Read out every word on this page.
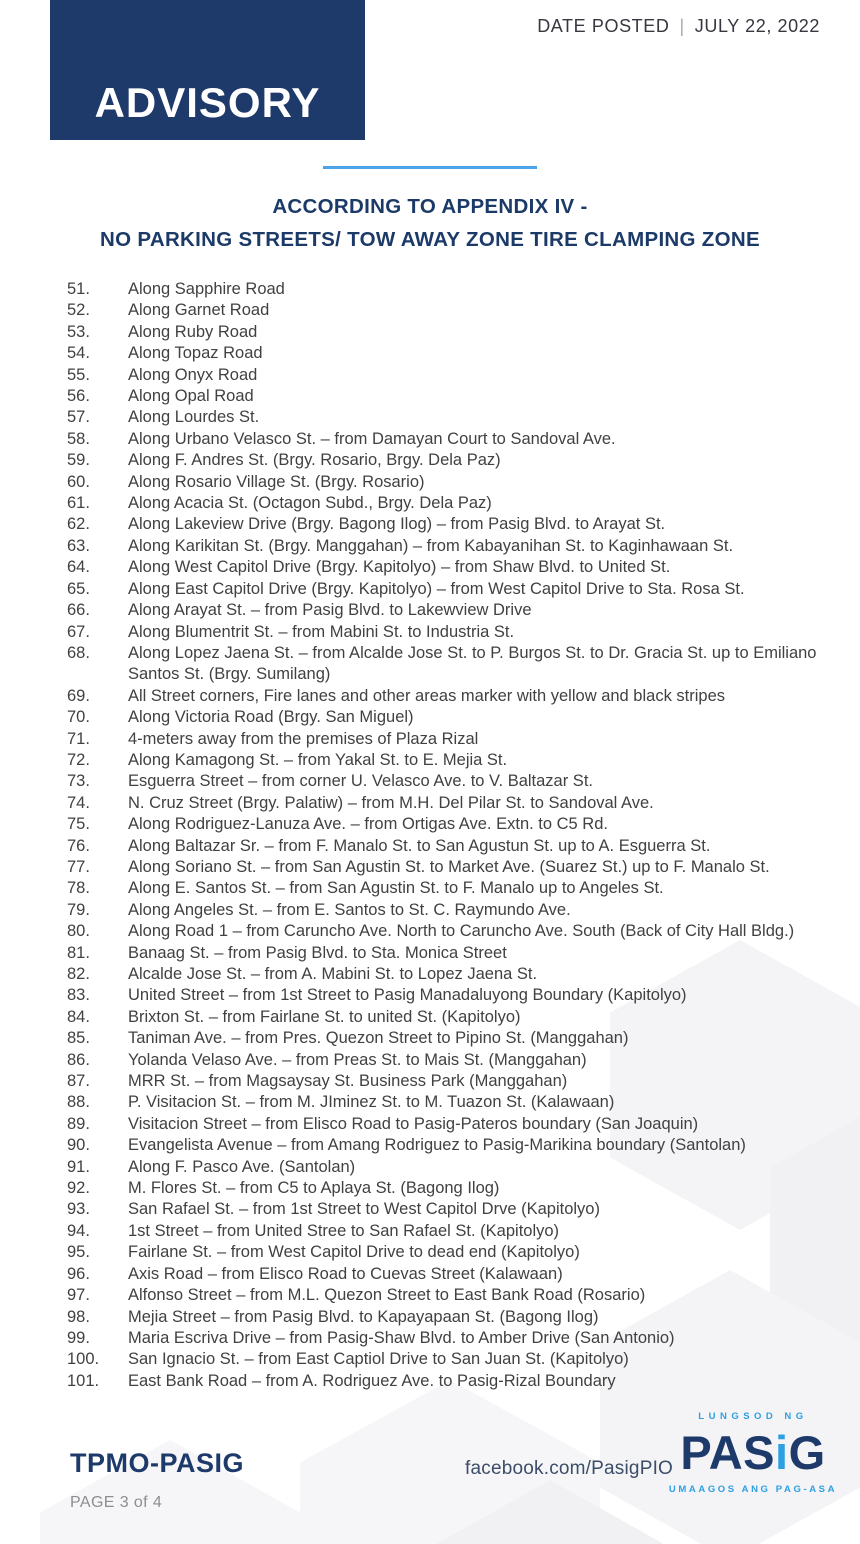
ADVISORY
DATE POSTED | JULY 22, 2022
ACCORDING TO APPENDIX IV -
NO PARKING STREETS/ TOW AWAY ZONE TIRE CLAMPING ZONE
51.	Along Sapphire Road
52.	Along Garnet Road
53.	Along Ruby Road
54.	Along Topaz Road
55.	Along Onyx Road
56.	Along Opal Road
57.	Along Lourdes St.
58.	Along Urbano Velasco St. – from Damayan Court to Sandoval Ave.
59.	Along F. Andres St. (Brgy. Rosario, Brgy. Dela Paz)
60.	Along Rosario Village St. (Brgy. Rosario)
61.	Along Acacia St. (Octagon Subd., Brgy. Dela Paz)
62.	Along Lakeview Drive (Brgy. Bagong Ilog) – from Pasig Blvd. to Arayat St.
63.	Along Karikitan St. (Brgy. Manggahan) – from Kabayanihan St. to Kaginhawaan St.
64.	Along West Capitol Drive (Brgy. Kapitolyo) – from Shaw Blvd. to United St.
65.	Along East Capitol Drive (Brgy. Kapitolyo) – from West Capitol Drive to Sta. Rosa St.
66.	Along Arayat St. – from Pasig Blvd. to Lakewview Drive
67.	Along Blumentrit St. – from Mabini St. to Industria St.
68.	Along Lopez Jaena St. – from Alcalde Jose St. to P. Burgos St. to Dr. Gracia St. up to Emiliano Santos St. (Brgy. Sumilang)
69.	All Street corners, Fire lanes and other areas marker with yellow and black stripes
70.	Along Victoria Road (Brgy. San Miguel)
71.	4-meters away from the premises of Plaza Rizal
72.	Along Kamagong St. – from Yakal St. to E. Mejia St.
73.	Esguerra Street – from corner U. Velasco Ave. to V. Baltazar St.
74.	N. Cruz Street (Brgy. Palatiw) – from M.H. Del Pilar St. to Sandoval Ave.
75.	Along Rodriguez-Lanuza Ave. – from Ortigas Ave. Extn. to C5 Rd.
76.	Along Baltazar Sr. – from F. Manalo St. to San Agustun St. up to A. Esguerra St.
77.	Along Soriano St. – from San Agustin St. to Market Ave. (Suarez St.) up to F. Manalo St.
78.	Along E. Santos St. – from San Agustin St. to F. Manalo up to Angeles St.
79.	Along Angeles St. – from E. Santos to St. C. Raymundo Ave.
80.	Along Road 1 – from Caruncho Ave. North to Caruncho Ave. South (Back of City Hall Bldg.)
81.	Banaag St. – from Pasig Blvd. to Sta. Monica Street
82.	Alcalde Jose St. – from A. Mabini St. to Lopez Jaena St.
83.	United Street – from 1st Street to Pasig Manadaluyong Boundary (Kapitolyo)
84.	Brixton St. – from Fairlane St. to united St. (Kapitolyo)
85.	Taniman Ave. – from Pres. Quezon Street to Pipino St. (Manggahan)
86.	Yolanda Velaso Ave. – from Preas St. to Mais St. (Manggahan)
87.	MRR St. – from Magsaysay St. Business Park (Manggahan)
88.	P. Visitacion St. – from M. JIminez St. to M. Tuazon St. (Kalawaan)
89.	Visitacion Street – from Elisco Road to Pasig-Pateros boundary (San Joaquin)
90.	Evangelista Avenue – from Amang Rodriguez to Pasig-Marikina boundary (Santolan)
91.	Along F. Pasco Ave. (Santolan)
92.	M. Flores St. – from C5 to Aplaya St. (Bagong Ilog)
93.	San Rafael St. – from 1st Street to West Capitol Drve (Kapitolyo)
94.	1st Street – from United Stree to San Rafael St. (Kapitolyo)
95.	Fairlane St. – from West Capitol Drive to dead end (Kapitolyo)
96.	Axis Road – from Elisco Road to Cuevas Street (Kalawaan)
97.	Alfonso Street – from M.L. Quezon Street to East Bank Road (Rosario)
98.	Mejia Street – from Pasig Blvd. to Kapayapaan St. (Bagong Ilog)
99.	Maria Escriva Drive – from Pasig-Shaw Blvd. to Amber Drive (San Antonio)
100.	San Ignacio St. – from East Captiol Drive to San Juan St. (Kapitolyo)
101.	East Bank Road – from A. Rodriguez Ave. to Pasig-Rizal Boundary
TPMO-PASIG
PAGE 3 of 4
facebook.com/PasigPIO
LUNGSOD NG
PASiG
UMAAGOS ANG PAG-ASA
